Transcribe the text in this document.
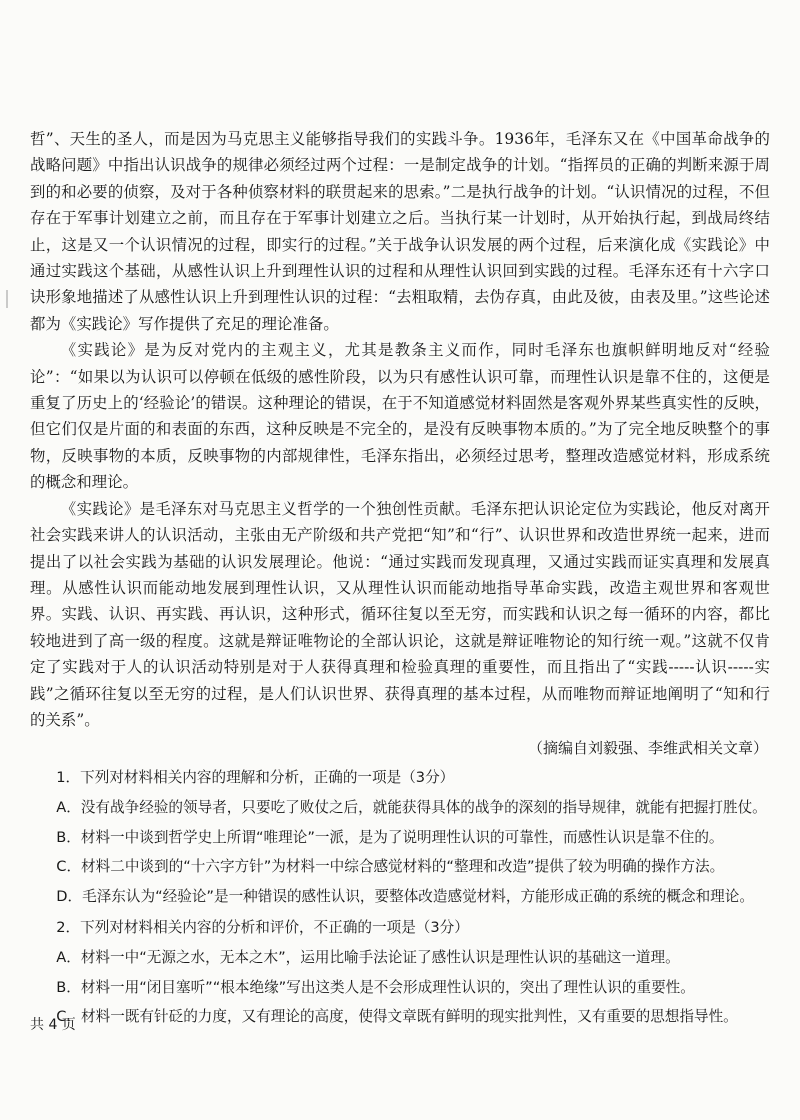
哲”、天生的圣人，而是因为马克思主义能够指导我们的实践斗争。1936年，毛泽东又在《中国革命战争的战略问题》中指出认识战争的规律必须经过两个过程：一是制定战争的计划。“指挥员的正确的判断来源于周到的和必要的侦察，及对于各种侦察材料的联贯起来的思索。”二是执行战争的计划。“认识情况的过程，不但存在于军事计划建立之前，而且存在于军事计划建立之后。当执行某一计划时，从开始执行起，到战局终结止，这是又一个认识情况的过程，即实行的过程。”关于战争认识发展的两个过程，后来演化成《实践论》中通过实践这个基础，从感性认识上升到理性认识的过程和从理性认识回到实践的过程。毛泽东还有十六字口诀形象地描述了从感性认识上升到理性认识的过程：“去粗取精，去伪存真，由此及彼，由表及里。”这些论述都为《实践论》写作提供了充足的理论准备。

《实践论》是为反对党内的主观主义，尤其是教条主义而作，同时毛泽东也旗帜鲜明地反对“经验论”：“如果以为认识可以停顿在低级的感性阶段，以为只有感性认识可靠，而理性认识是靠不住的，这便是重复了历史上的‘经验论’的错误。这种理论的错误，在于不知道感觉材料固然是客观外界某些真实性的反映，但它们仅是片面的和表面的东西，这种反映是不完全的，是没有反映事物本质的。”为了完全地反映整个的事物，反映事物的本质，反映事物的内部规律性，毛泽东指出，必须经过思考，整理改造感觉材料，形成系统的概念和理论。

《实践论》是毛泽东对马克思主义哲学的一个独创性贡献。毛泽东把认识论定位为实践论，他反对离开社会实践来讲人的认识活动，主张由无产阶级和共产党把“知”和“行”、认识世界和改造世界统一起来，进而提出了以社会实践为基础的认识发展理论。他说：“通过实践而发现真理，又通过实践而证实真理和发展真理。从感性认识而能动地发展到理性认识，又从理性认识而能动地指导革命实践，改造主观世界和客观世界。实践、认识、再实践、再认识，这种形式，循环往复以至无穷，而实践和认识之每一循环的内容，都比较地进到了高一级的程度。这就是辩证唯物论的全部认识论，这就是辩证唯物论的知行统一观。”这就不仅肯定了实践对于人的认识活动特别是对于人获得真理和检验真理的重要性，而且指出了“实践-----认识-----实践”之循环往复以至无穷的过程，是人们认识世界、获得真理的基本过程，从而唯物而辩证地阐明了“知和行的关系”。

（摘编自刘毅强、李维武相关文章）

1．下列对材料相关内容的理解和分析，正确的一项是（3分）

A．没有战争经验的领导者，只要吃了败仗之后，就能获得具体的战争的深刻的指导规律，就能有把握打胜仗。

B．材料一中谈到哲学史上所谓“唯理论”一派，是为了说明理性认识的可靠性，而感性认识是靠不住的。

C．材料二中谈到的“十六字方针”为材料一中综合感觉材料的“整理和改造”提供了较为明确的操作方法。

D．毛泽东认为“经验论”是一种错误的感性认识，要整体改造感觉材料，方能形成正确的系统的概念和理论。

2．下列对材料相关内容的分析和评价，不正确的一项是（3分）

A．材料一中“无源之水，无本之木”，运用比喻手法论证了感性认识是理性认识的基础这一道理。

B．材料一用“闭目塞听”“根本绝缘”写出这类人是不会形成理性认识的，突出了理性认识的重要性。

C．材料一既有针砭的力度，又有理论的高度，使得文章既有鲜明的现实批判性，又有重要的思想指导性。

共 4 页
